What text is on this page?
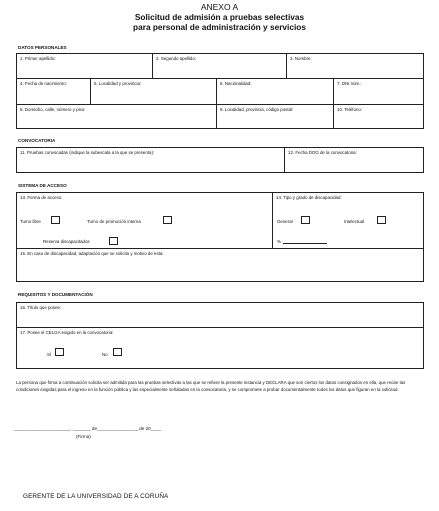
ANEXO A
Solicitud de admisión a pruebas selectivas
para personal de administración y servicios
DATOS PERSONALES
1. Primer apellido:	2. Segundo apellido:	3. Nombre:
4. Fecha de nacimiento:	5. Localidad y provincia:	6. Nacionalidad:	7. DNI núm.:
8. Domicilio, calle, número y piso:	9. Localidad, provincia, código postal:	10. Teléfono:
CONVOCATORIA
11. Pruebas convocadas (indique la subescala a la que se presenta):	12. Fecha DOG de la convocatoria:
SISTEMA DE ACCESO
13. Forma de acceso:
Turno libre	Turno de promoción interna
Reserva discapacitados
14. Tipo y grado de discapacidad:
General	Intelectual
%
15. En caso de discapacidad, adaptación que se solicita y motivo de esta:
REQUISITOS Y DOCUMENTACIÓN
16. Título que posee:
17. Posee el CELGA exigido en la convocatoria:
Sí	No
La persona que firma a continuación solicita ser admitida para las pruebas selectivas a las que se refiere la presente instancia y DECLARA que son ciertos los datos consignados en ella, que reúne las condiciones exigidas para el ingreso en la función pública y las especialmente señaladas en la convocatoria, y se compromete a probar documentalmente todos los datos que figuran en la solicitud.
______________________, _______ de________________ de 20____
(Firma)
GERENTE DE LA UNIVERSIDAD DE A CORUÑA
